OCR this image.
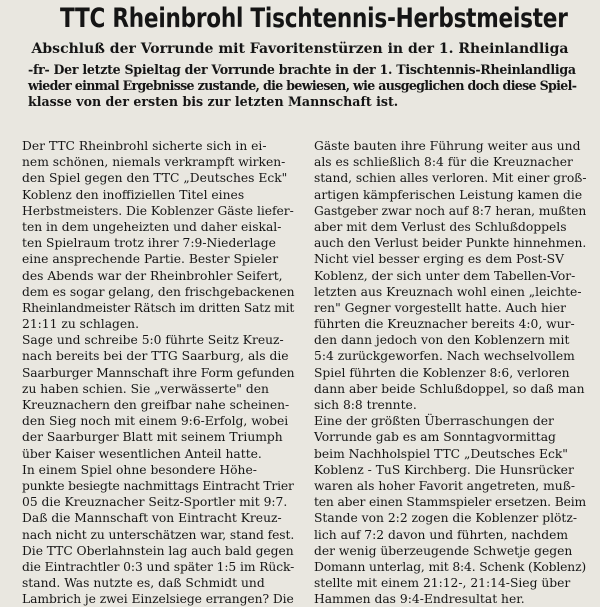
TTC Rheinbrohl Tischtennis-Herbstmeister
Abschluß der Vorrunde mit Favoritenstürzen in der 1. Rheinlandliga
-fr- Der letzte Spieltag der Vorrunde brachte in der 1. Tischtennis-Rheinlandliga
wieder einmal Ergebnisse zustande, die bewiesen, wie ausgeglichen doch diese Spiel-
klasse von der ersten bis zur letzten Mannschaft ist.
Der TTC Rheinbrohl sicherte sich in ei-
nem schönen, niemals verkrampft wirken-
den Spiel gegen den TTC „Deutsches Eck"
Koblenz den inoffiziellen Titel eines
Herbstmeisters. Die Koblenzer Gäste liefer-
ten in dem ungeheizten und daher eiskal-
ten Spielraum trotz ihrer 7:9-Niederlage
eine ansprechende Partie. Bester Spieler
des Abends war der Rheinbrohler Seifert,
dem es sogar gelang, den frischgebackenen
Rheinlandmeister Rätsch im dritten Satz mit
21:11 zu schlagen.
Sage und schreibe 5:0 führte Seitz Kreuz-
nach bereits bei der TTG Saarburg, als die
Saarburger Mannschaft ihre Form gefunden
zu haben schien. Sie „verwässerte" den
Kreuznachern den greifbar nahe scheinen-
den Sieg noch mit einem 9:6-Erfolg, wobei
der Saarburger Blatt mit seinem Triumph
über Kaiser wesentlichen Anteil hatte.
In einem Spiel ohne besondere Höhe-
punkte besiegte nachmittags Eintracht Trier
05 die Kreuznacher Seitz-Sportler mit 9:7.
Daß die Mannschaft von Eintracht Kreuz-
nach nicht zu unterschätzen war, stand fest.
Die TTC Oberlahnstein lag auch bald gegen
die Eintrachtler 0:3 und später 1:5 im Rück-
stand. Was nutzte es, daß Schmidt und
Lambrich je zwei Einzelsiege errangen? Die
Gäste bauten ihre Führung weiter aus und
als es schließlich 8:4 für die Kreuznacher
stand, schien alles verloren. Mit einer groß-
artigen kämpferischen Leistung kamen die
Gastgeber zwar noch auf 8:7 heran, mußten
aber mit dem Verlust des Schlußdoppels
auch den Verlust beider Punkte hinnehmen.
Nicht viel besser erging es dem Post-SV
Koblenz, der sich unter dem Tabellen-Vor-
letzten aus Kreuznach wohl einen „leichte-
ren" Gegner vorgestellt hatte. Auch hier
führten die Kreuznacher bereits 4:0, wur-
den dann jedoch von den Koblenzern mit
5:4 zurückgeworfen. Nach wechselvollem
Spiel führten die Koblenzer 8:6, verloren
dann aber beide Schlußdoppel, so daß man
sich 8:8 trennte.
Eine der größten Überraschungen der
Vorrunde gab es am Sonntagvormittag
beim Nachholspiel TTC „Deutsches Eck"
Koblenz - TuS Kirchberg. Die Hunsrücker
waren als hoher Favorit angetreten, muß-
ten aber einen Stammspieler ersetzen. Beim
Stande von 2:2 zogen die Koblenzer plötz-
lich auf 7:2 davon und führten, nachdem
der wenig überzeugende Schwetje gegen
Domann unterlag, mit 8:4. Schenk (Koblenz)
stellte mit einem 21:12-, 21:14-Sieg über
Hammen das 9:4-Endresultat her.
